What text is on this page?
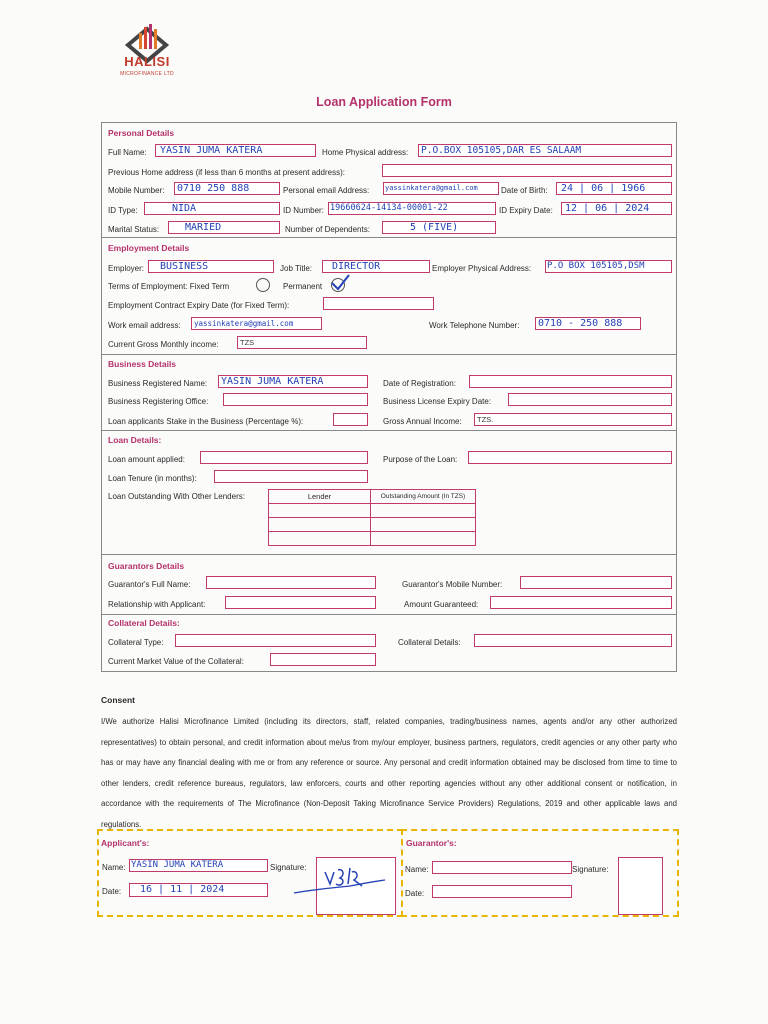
HALISI
MICROFINANCE LTD
Loan Application Form
Personal Details
Full Name: YASIN JUMA KATERA	Home Physical address: P.O.BOX 105105,DAR ES SALAAM
Previous Home address (if less than 6 months at present address):
Mobile Number: 0710 250 888	Personal email Address: yassinkatera@gmail.com	Date of Birth: 24 | 06 | 1966
ID Type:	NIDA	ID Number: 19660624-14134-00001-22	ID Expiry Date: 12 | 06 | 2024
Marital Status:	MARIED	Number of Dependents:	5 (FIVE)
Employment Details
Employer: BUSINESS	Job Title: DIRECTOR	Employer Physical Address: P.O BOX 105105,DSM
Terms of Employment: Fixed Term	Permanent
Employment Contract Expiry Date (for Fixed Term):
Work email address: yassinkatera@gmail.com	Work Telephone Number: 0710 - 250 888
Current Gross Monthly income:	TZS
Business Details
Business Registered Name: YASIN JUMA KATERA	Date of Registration:
Business Registering Office:	Business License Expiry Date:
Loan applicants Stake in the Business (Percentage %):	Gross Annual Income: TZS.
Loan Details:
Loan amount applied:	Purpose of the Loan:
Loan Tenure (in months):
Loan Outstanding With Other Lenders:	Lender	Outstanding Amount (In TZS)
Guarantors Details
Guarantor's Full Name:	Guarantor's Mobile Number:
Relationship with Applicant:	Amount Guaranteed:
Collateral Details:
Collateral Type:	Collateral Details:
Current Market Value of the Collateral:
Consent
I/We authorize Halisi Microfinance Limited (including its directors, staff, related companies, trading/business names, agents and/or any other authorized representatives) to obtain personal, and credit information about me/us from my/our employer, business partners, regulators, credit agencies or any other party who has or may have any financial dealing with me or from any reference or source. Any personal and credit information obtained may be disclosed from time to time to other lenders, credit reference bureaus, regulators, law enforcers, courts and other reporting agencies without any other additional consent or notification, in accordance with the requirements of The Microfinance (Non-Deposit Taking Microfinance Service Providers) Regulations, 2019 and other applicable laws and regulations.
Applicant's:
Name: YASIN JUMA KATERA	Signature:
Date: 16 | 11 | 2024
Guarantor's:
Name:	Signature:
Date:
